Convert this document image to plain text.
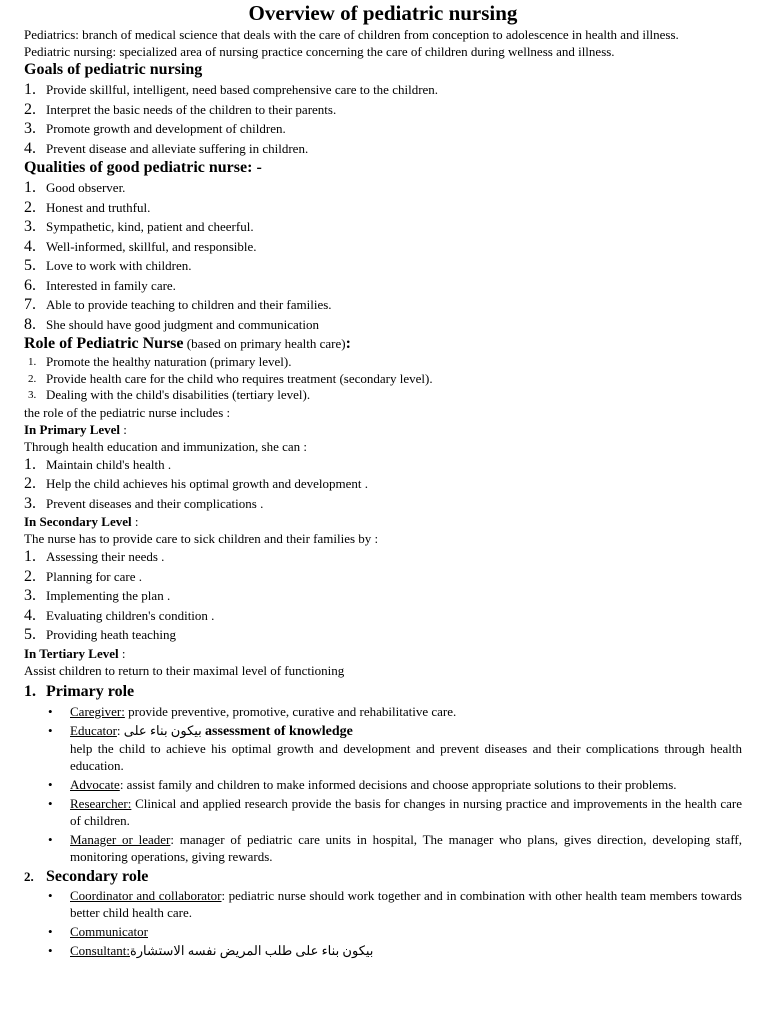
Overview of pediatric nursing
Pediatrics: branch of medical science that deals with the care of children from conception to adolescence in health and illness.
Pediatric nursing: specialized area of nursing practice concerning the care of children during wellness and illness.
Goals of pediatric nursing
1. Provide skillful, intelligent, need based comprehensive care to the children.
2. Interpret the basic needs of the children to their parents.
3. Promote growth and development of children.
4. Prevent disease and alleviate suffering in children.
Qualities of good pediatric nurse: -
1. Good observer.
2. Honest and truthful.
3. Sympathetic, kind, patient and cheerful.
4. Well-informed, skillful, and responsible.
5. Love to work with children.
6. Interested in family care.
7. Able to provide teaching to children and their families.
8. She should have good judgment and communication
Role of Pediatric Nurse (based on primary health care):
1. Promote the healthy naturation (primary level).
2. Provide health care for the child who requires treatment (secondary level).
3. Dealing with the child's disabilities (tertiary level).
the role of the pediatric nurse includes :
In Primary Level :
Through health education and immunization, she can :
1. Maintain child's health .
2. Help the child achieves his optimal growth and development .
3. Prevent diseases and their complications .
In Secondary Level :
The nurse has to provide care to sick children and their families by :
1. Assessing their needs .
2. Planning for care .
3. Implementing the plan .
4. Evaluating children's condition .
5. Providing heath teaching
In Tertiary Level :
Assist children to return to their maximal level of functioning
1. Primary role
• Caregiver: provide preventive, promotive, curative and rehabilitative care.
• Educator: بيكون بناء على assessment of knowledge
help the child to achieve his optimal growth and development and prevent diseases and their complications through health education.
• Advocate: assist family and children to make informed decisions and choose appropriate solutions to their problems.
• Researcher: Clinical and applied research provide the basis for changes in nursing practice and improvements in the health care of children.
• Manager or leader: manager of pediatric care units in hospital, The manager who plans, gives direction, developing staff, monitoring operations, giving rewards.
2. Secondary role
• Coordinator and collaborator: pediatric nurse should work together and in combination with other health team members towards better child health care.
• Communicator
• Consultant: بيكون بناء على طلب المريض نفسه الاستشارة
